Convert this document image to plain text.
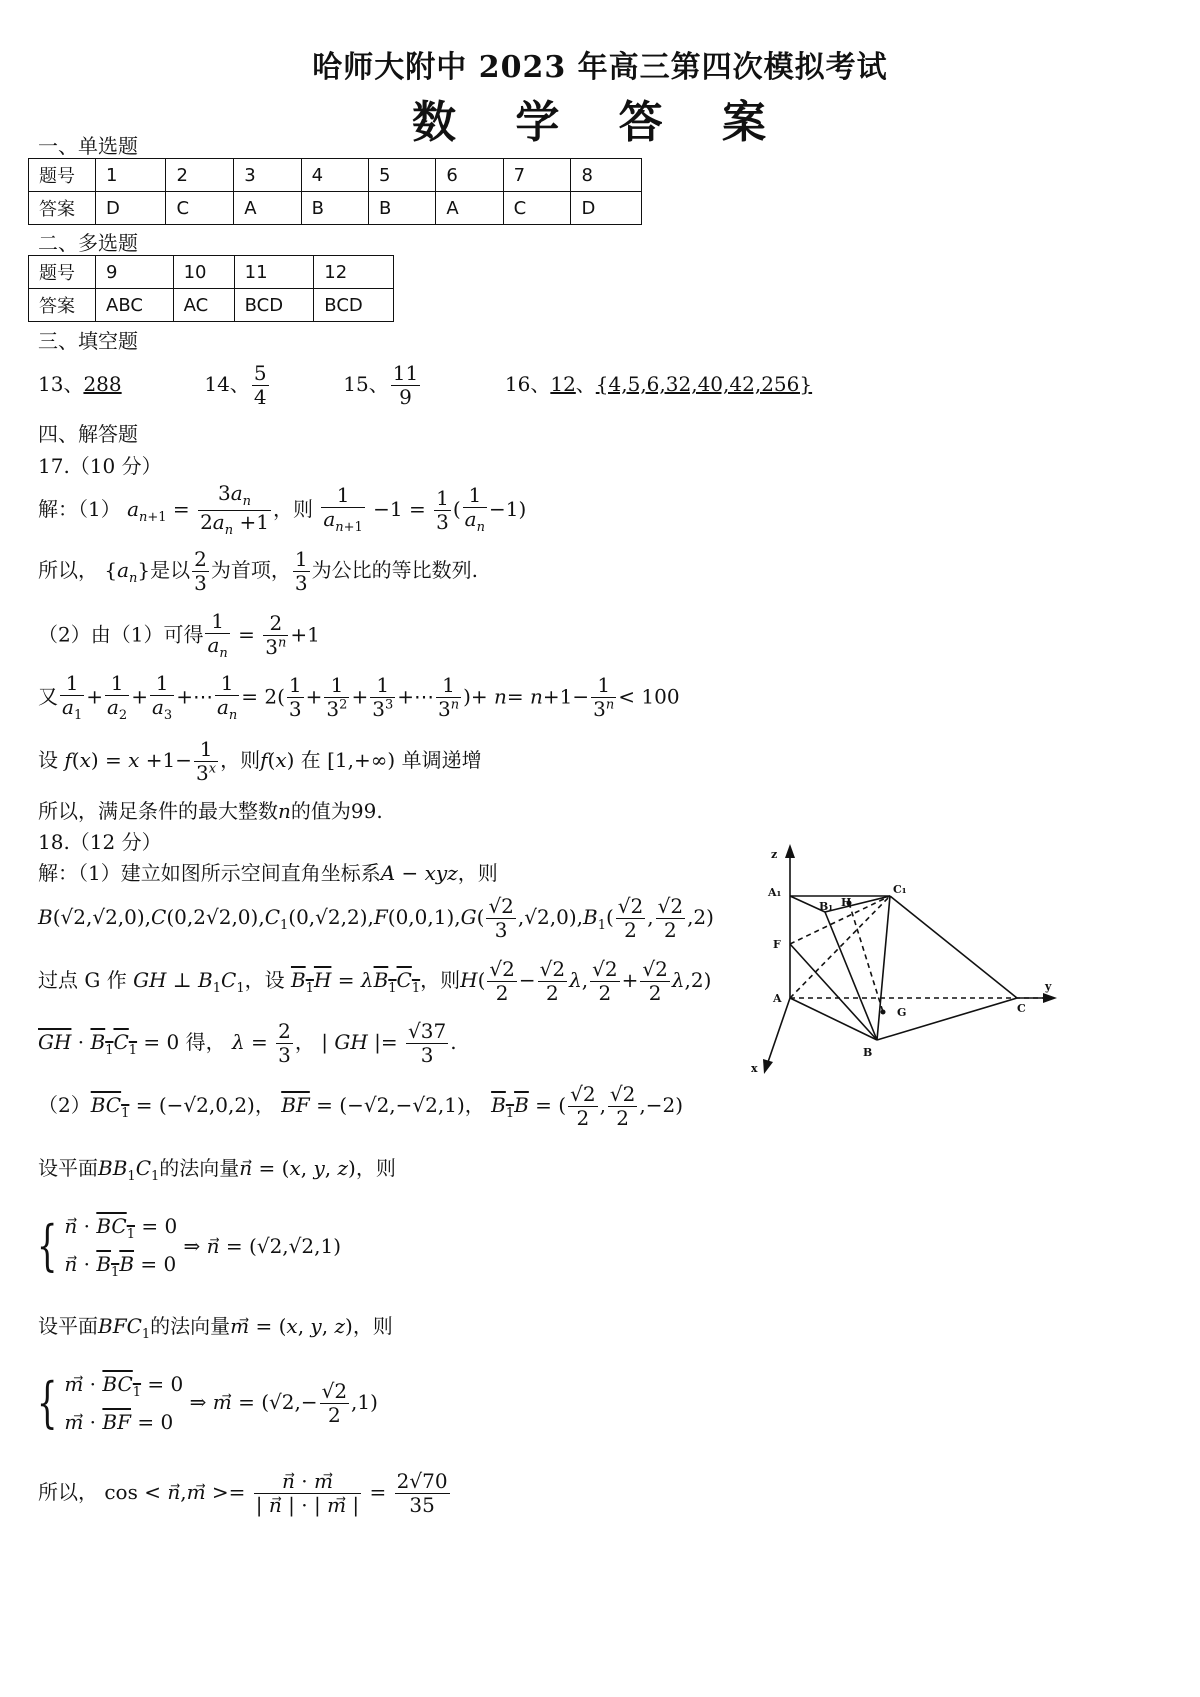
哈师大附中 2023 年高三第四次模拟考试
数 学 答 案
一、单选题
题号	1	2	3	4	5	6	7	8
答案	D	C	A	B	B	A	C	D
二、多选题
题号	9	10	11	12
答案	ABC	AC	BCD	BCD
三、填空题
13、288	14、 $\frac{5}{4}$	15、 $\frac{11}{9}$	16、12、{4,5,6,32,40,42,256}
四、解答题
17.（10 分）
解：（1） $a_{n+1} = \frac{3a_n}{2a_n +1}$ ，则 $\frac{1}{a_{n+1}} -1 = \frac{1}{3}$ ( $\frac{1}{a_n} -1$)
所以， $\{a_n\}$是以 $\frac{2}{3}$ 为首项， $\frac{1}{3}$ 为公比的等比数列.
（2）由（1）可得 $\frac{1}{a_n} = \frac{2}{3^n} +1$
又 $\frac{1}{a_1} + \frac{1}{a_2} + \frac{1}{a_3}$ +⋯ $\frac{1}{a_n} = 2( \frac{1}{3} + \frac{1}{3^2} + \frac{1}{3^3}$ +⋯ $\frac{1}{3^n}$ )+ $n= n+1- \frac{1}{3^n} < 100$
设 $f(x) = x +1- \frac{1}{3^x}$ ，则f(x) 在 [1,+∞) 单调递增
所以，满足条件的最大整数n的值为99.
18.（12 分）
解：（1）建立如图所示空间直角坐标系A − xyz，则
$B(√2,√2,0),C(0,2√2,0),C_1(0,√2,2),F(0,0,1),G( \frac{√2}{3} ,√2,0),B_1( \frac{√2}{2}$ , $\frac{√2}{2} ,2$)
过点 G 作 GH ⊥ $B_1C_1$，设 $B_1H = \lambda B_1C_1$，则$H( \frac{√2}{2} - \frac{√2}{2} \lambda$, $\frac{√2}{2} + \frac{√2}{2} \lambda,2$)
$\overline{GH} \cdot B_1C_1 = 0$ 得， $\lambda = \frac{2}{3}$ ， | GH |= $\frac{√37}{3}$ .
$(2)BC_1 = (-√2,0,2)$， $\overline{BF} = (-√2,-√2,1)$， $B_1B$ = ( $\frac{√2}{2}$ , $\frac{√2}{2} ,-2$)
设平面$BB_1C_1$的法向量n⃗ = (x, y, z)，则
{ n⃗ · $BC_1 = 0$
n⃗ · $B_1B = 0$
⇒ n⃗ = (√2,√2,1)
设平面$BFC_1$的法向量m⃗ = (x, y, z)，则
{ m⃗ · $BC_1 = 0$
m⃗ · $\overline{BF} = 0$
⇒ m⃗ = $(√2,- \frac{√2}{2} ,1)$
所以， cos < n⃗,m⃗ >= $\frac{n⃗ \cdot m}{| n⃗ | \cdot | m⃗ |} = \frac{2√70}{35}$
z
y
x
A₁
B₁ H
C₁
F
A
G
B
C
